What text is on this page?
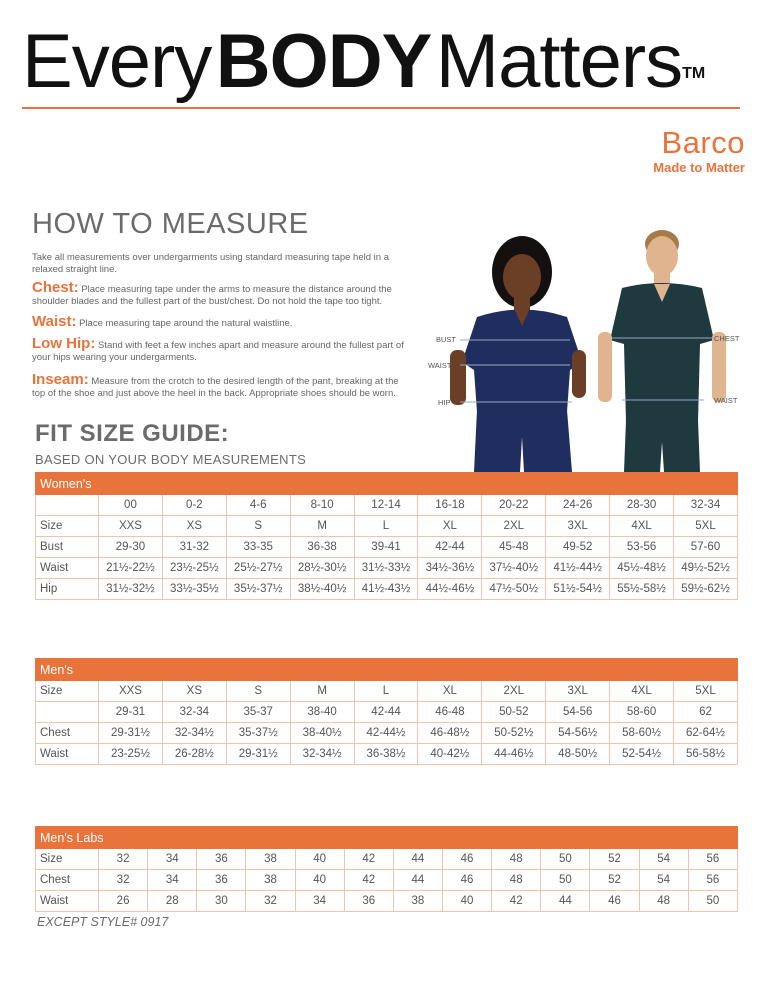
Every BODY MattersTM
Barco
Made to Matter
HOW TO MEASURE

Take all measurements over undergarments using standard measuring tape held in a relaxed straight line.

Chest: Place measuring tape under the arms to measure the distance around the shoulder blades and the fullest part of the bust/chest. Do not hold the tape too tight.

Waist: Place measuring tape around the natural waistline.

Low Hip: Stand with feet a few inches apart and measure around the fullest part of your hips wearing your undergarments.

Inseam: Measure from the crotch to the desired length of the pant, breaking at the top of the shoe and just above the heel in the back. Appropriate shoes should be worn.

BUST
WAIST
HIP
CHEST
WAIST
FIT SIZE GUIDE:
BASED ON YOUR BODY MEASUREMENTS
Women's										
	00	0-2	4-6	8-10	12-14	16-18	20-22	24-26	28-30	32-34
Size	XXS	XS	S	M	L	XL	2XL	3XL	4XL	5XL
Bust	29-30	31-32	33-35	36-38	39-41	42-44	45-48	49-52	53-56	57-60
Waist	21½-22½	23½-25½	25½-27½	28½-30½	31½-33½	34½-36½	37½-40½	41½-44½	45½-48½	49½-52½
Hip	31½-32½	33½-35½	35½-37½	38½-40½	41½-43½	44½-46½	47½-50½	51½-54½	55½-58½	59½-62½
Men's										
Size	XXS	XS	S	M	L	XL	2XL	3XL	4XL	5XL
	29-31	32-34	35-37	38-40	42-44	46-48	50-52	54-56	58-60	62
Chest	29-31½	32-34½	35-37½	38-40½	42-44½	46-48½	50-52½	54-56½	58-60½	62-64½
Waist	23-25½	26-28½	29-31½	32-34½	36-38½	40-42½	44-46½	48-50½	52-54½	56-58½
Men's Labs													
Size	32	34	36	38	40	42	44	46	48	50	52	54	56
Chest	32	34	36	38	40	42	44	46	48	50	52	54	56
Waist	26	28	30	32	34	36	38	40	42	44	46	48	50
EXCEPT STYLE# 0917
